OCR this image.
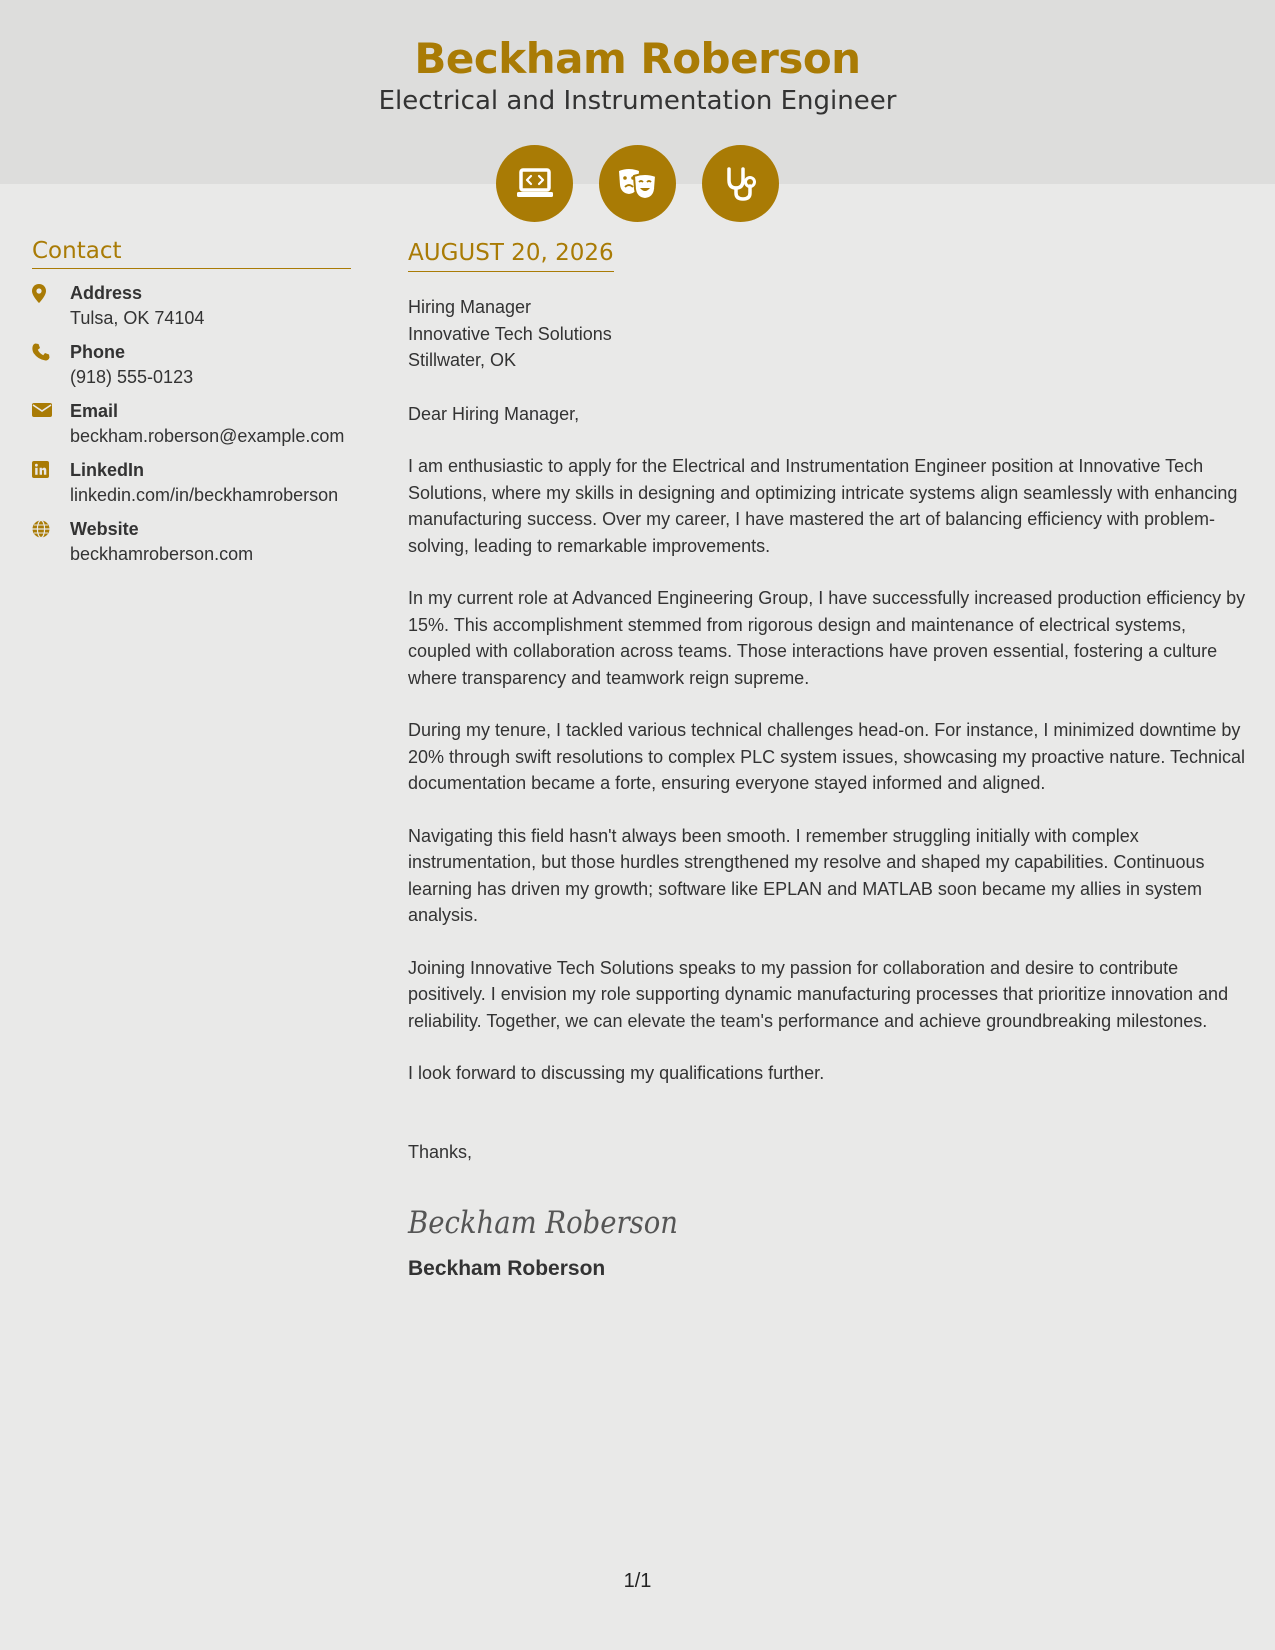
Beckham Roberson
Electrical and Instrumentation Engineer
Contact
Address
Tulsa, OK 74104
Phone
(918) 555-0123
Email
beckham.roberson@example.com
LinkedIn
linkedin.com/in/beckhamroberson
Website
beckhamroberson.com
AUGUST 20, 2026
Hiring Manager
Innovative Tech Solutions
Stillwater, OK

Dear Hiring Manager,

I am enthusiastic to apply for the Electrical and Instrumentation Engineer position at Innovative Tech Solutions, where my skills in designing and optimizing intricate systems align seamlessly with enhancing manufacturing success. Over my career, I have mastered the art of balancing efficiency with problem-solving, leading to remarkable improvements.

In my current role at Advanced Engineering Group, I have successfully increased production efficiency by 15%. This accomplishment stemmed from rigorous design and maintenance of electrical systems, coupled with collaboration across teams. Those interactions have proven essential, fostering a culture where transparency and teamwork reign supreme.

During my tenure, I tackled various technical challenges head-on. For instance, I minimized downtime by 20% through swift resolutions to complex PLC system issues, showcasing my proactive nature. Technical documentation became a forte, ensuring everyone stayed informed and aligned.

Navigating this field hasn't always been smooth. I remember struggling initially with complex instrumentation, but those hurdles strengthened my resolve and shaped my capabilities. Continuous learning has driven my growth; software like EPLAN and MATLAB soon became my allies in system analysis.

Joining Innovative Tech Solutions speaks to my passion for collaboration and desire to contribute positively. I envision my role supporting dynamic manufacturing processes that prioritize innovation and reliability. Together, we can elevate the team's performance and achieve groundbreaking milestones.

I look forward to discussing my qualifications further.

Thanks,

Beckham Roberson
Beckham Roberson
1/1
